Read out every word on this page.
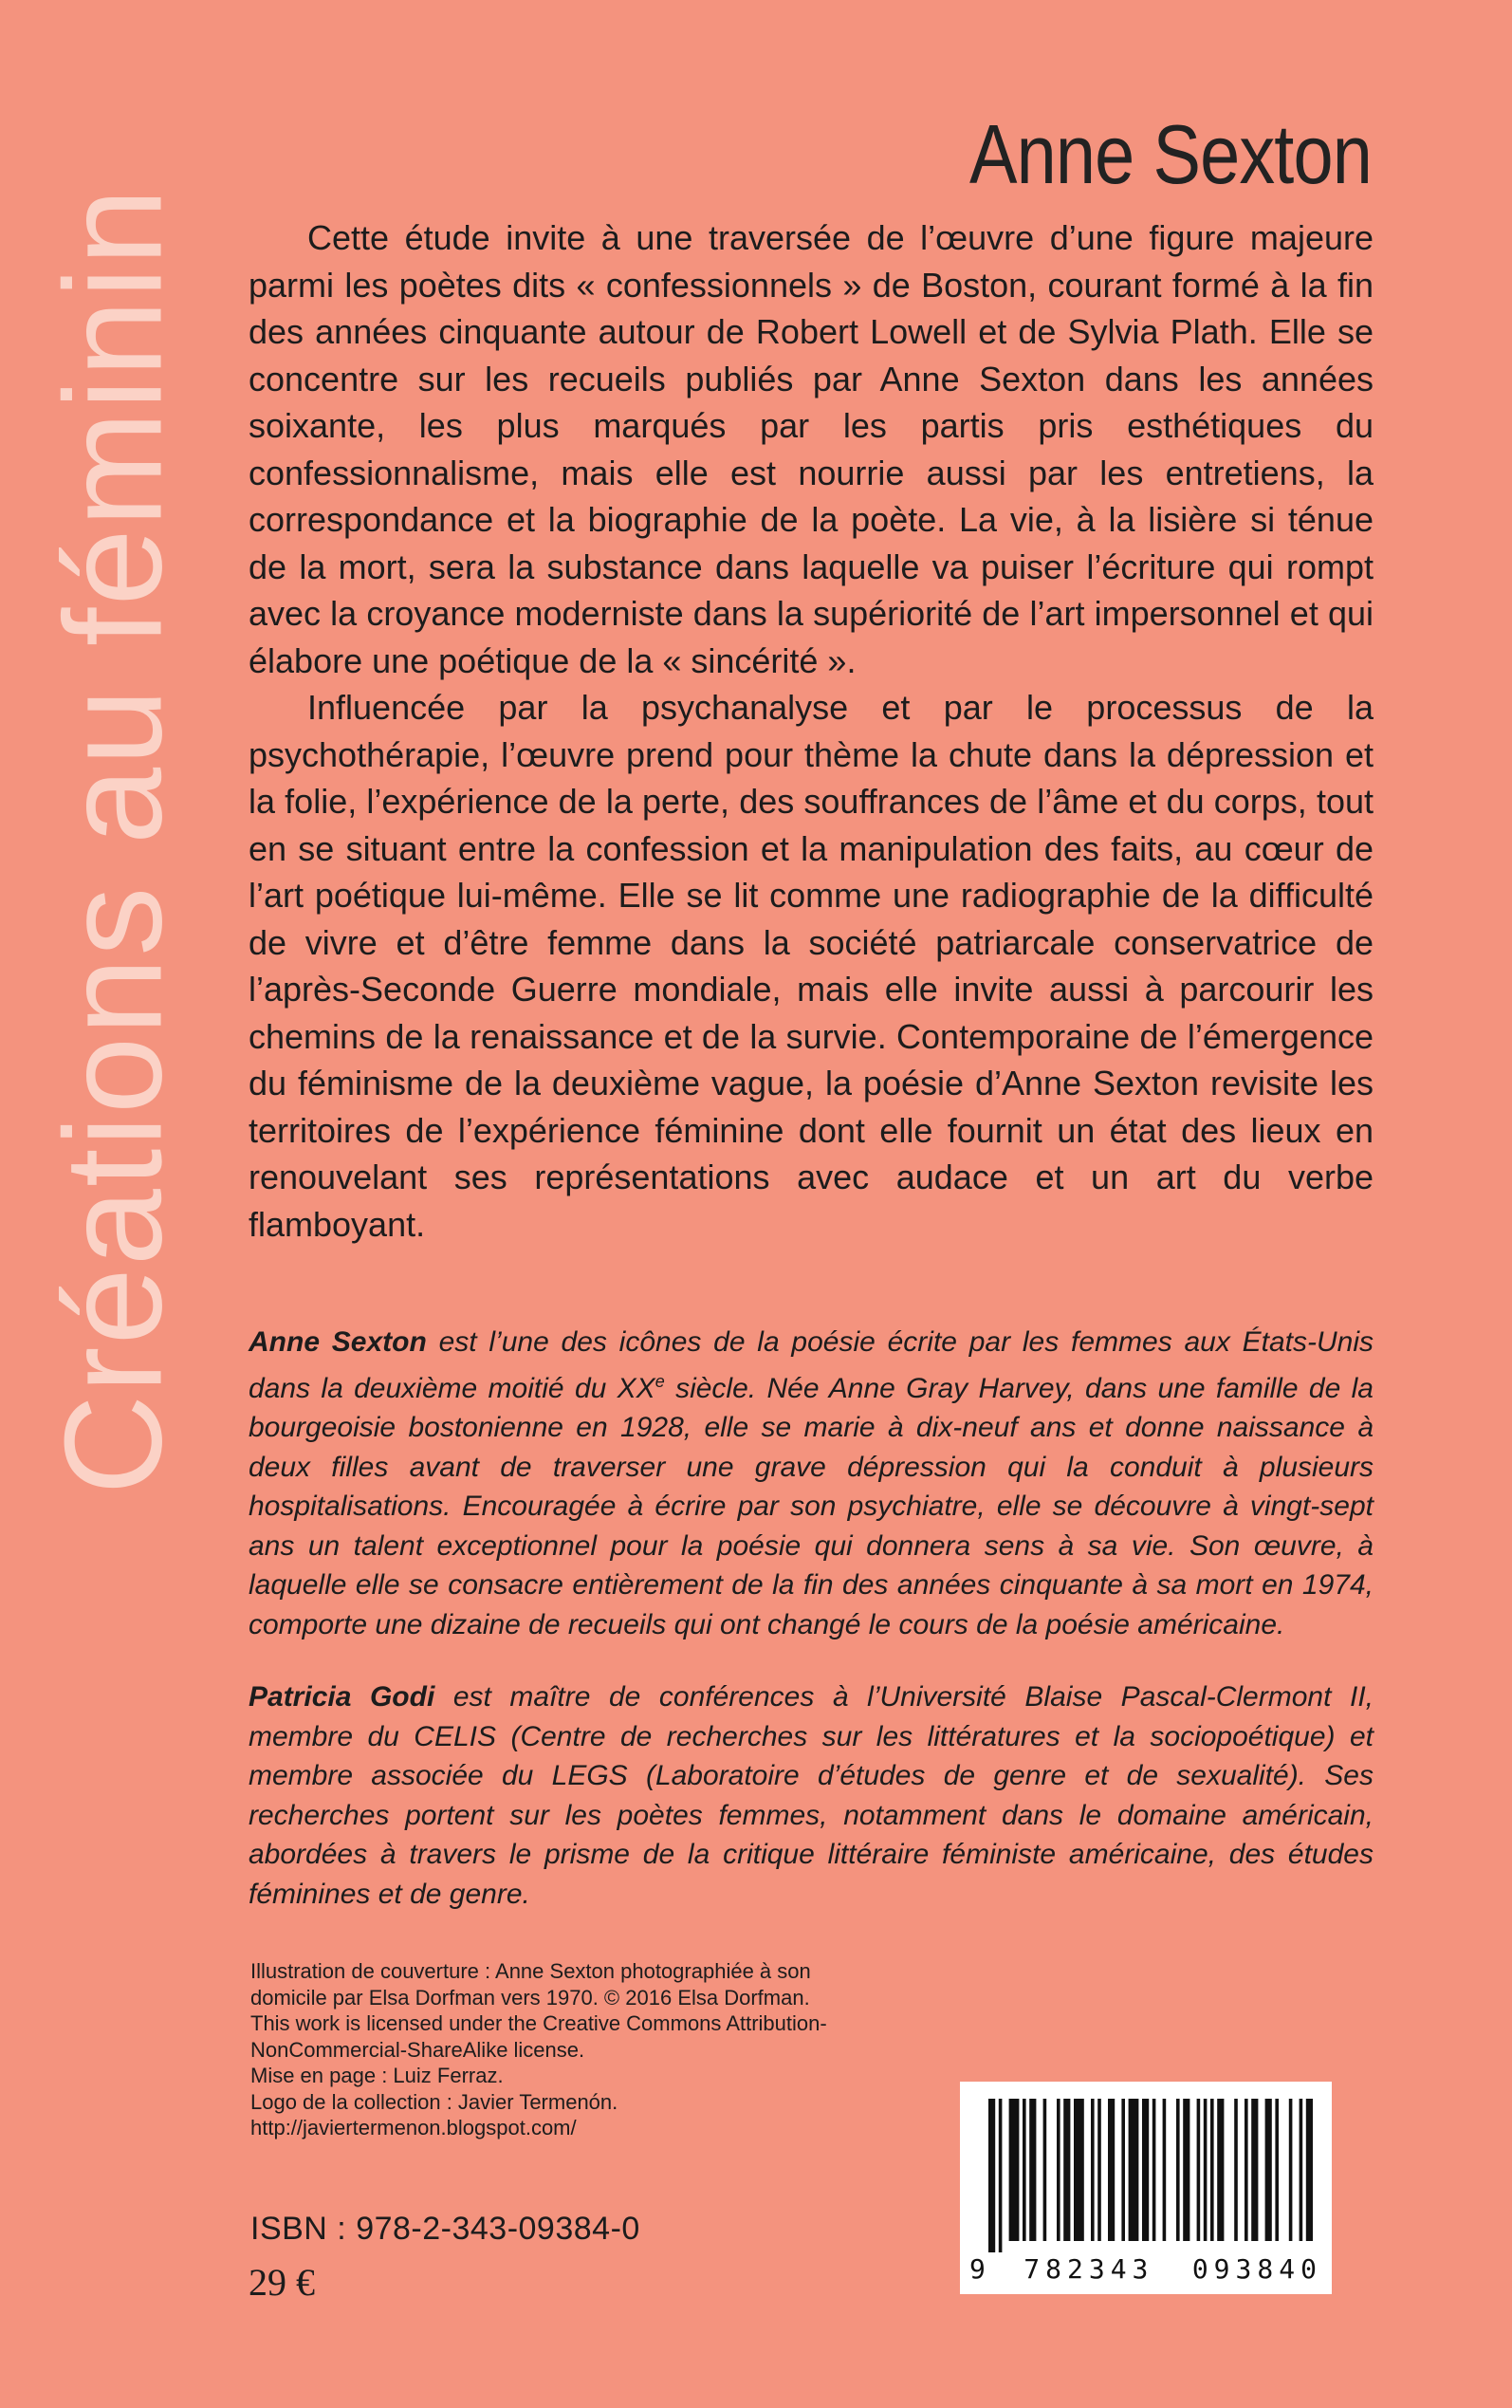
Créations au féminin
Anne Sexton

Cette étude invite à une traversée de l’œuvre d’une figure majeure parmi les poètes dits « confessionnels » de Boston, courant formé à la fin des années cinquante autour de Robert Lowell et de Sylvia Plath. Elle se concentre sur les recueils publiés par Anne Sexton dans les années soixante, les plus marqués par les partis pris esthétiques du confessionnalisme, mais elle est nourrie aussi par les entretiens, la correspondance et la biographie de la poète. La vie, à la lisière si ténue de la mort, sera la substance dans laquelle va puiser l’écriture qui rompt avec la croyance moderniste dans la supériorité de l’art impersonnel et qui élabore une poétique de la « sincérité ».

Influencée par la psychanalyse et par le processus de la psychothérapie, l’œuvre prend pour thème la chute dans la dépression et la folie, l’expérience de la perte, des souffrances de l’âme et du corps, tout en se situant entre la confession et la manipulation des faits, au cœur de l’art poétique lui-même. Elle se lit comme une radiographie de la difficulté de vivre et d’être femme dans la société patriarcale conservatrice de l’après-Seconde Guerre mondiale, mais elle invite aussi à parcourir les chemins de la renaissance et de la survie. Contemporaine de l’émergence du féminisme de la deuxième vague, la poésie d’Anne Sexton revisite les territoires de l’expérience féminine dont elle fournit un état des lieux en renouvelant ses représentations avec audace et un art du verbe flamboyant.

Anne Sexton est l’une des icônes de la poésie écrite par les femmes aux États-Unis dans la deuxième moitié du XXe siècle. Née Anne Gray Harvey, dans une famille de la bourgeoisie bostonienne en 1928, elle se marie à dix-neuf ans et donne naissance à deux filles avant de traverser une grave dépression qui la conduit à plusieurs hospitalisations. Encouragée à écrire par son psychiatre, elle se découvre à vingt-sept ans un talent exceptionnel pour la poésie qui donnera sens à sa vie. Son œuvre, à laquelle elle se consacre entièrement de la fin des années cinquante à sa mort en 1974, comporte une dizaine de recueils qui ont changé le cours de la poésie américaine.

Patricia Godi est maître de conférences à l’Université Blaise Pascal-Clermont II, membre du CELIS (Centre de recherches sur les littératures et la sociopoétique) et membre associée du LEGS (Laboratoire d’études de genre et de sexualité). Ses recherches portent sur les poètes femmes, notamment dans le domaine américain, abordées à travers le prisme de la critique littéraire féministe américaine, des études féminines et de genre.

Illustration de couverture : Anne Sexton photographiée à son
domicile par Elsa Dorfman vers 1970. © 2016 Elsa Dorfman.
This work is licensed under the Creative Commons Attribution-
NonCommercial-ShareAlike license.
Mise en page : Luiz Ferraz.
Logo de la collection : Javier Termenón.
http://javiertermenon.blogspot.com/
ISBN : 978-2-343-09384-0
29 €	9 782343 093840
